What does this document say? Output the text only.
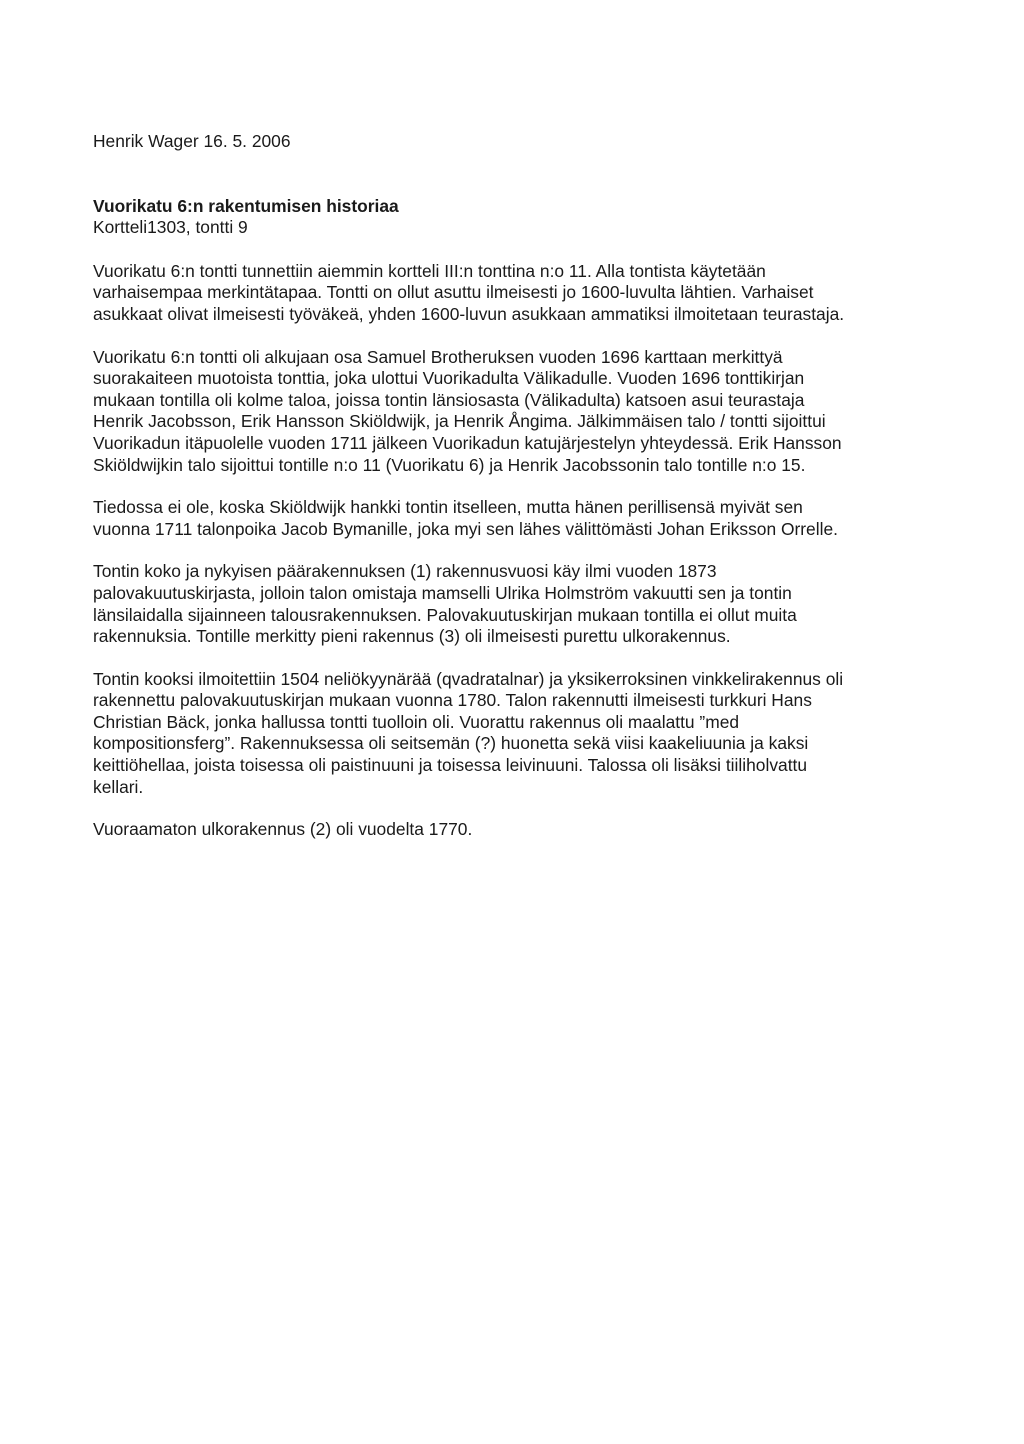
Henrik Wager 16. 5. 2006

Vuorikatu 6:n rakentumisen historiaa

Kortteli1303, tontti 9

Vuorikatu 6:n tontti tunnettiin aiemmin kortteli III:n tonttina n:o 11. Alla tontista käytetään
varhaisempaa merkintätapaa. Tontti on ollut asuttu ilmeisesti jo 1600-luvulta lähtien. Varhaiset
asukkaat olivat ilmeisesti työväkeä, yhden 1600-luvun asukkaan ammatiksi ilmoitetaan teurastaja.

Vuorikatu 6:n tontti oli alkujaan osa Samuel Brotheruksen vuoden 1696 karttaan merkittyä
suorakaiteen muotoista tonttia, joka ulottui Vuorikadulta Välikadulle. Vuoden 1696 tonttikirjan
mukaan tontilla oli kolme taloa, joissa tontin länsiosasta (Välikadulta) katsoen asui teurastaja
Henrik Jacobsson, Erik Hansson Skiöldwijk, ja Henrik Ångima. Jälkimmäisen talo / tontti sijoittui
Vuorikadun itäpuolelle vuoden 1711 jälkeen Vuorikadun katujärjestelyn yhteydessä. Erik Hansson
Skiöldwijkin talo sijoittui tontille n:o 11 (Vuorikatu 6) ja Henrik Jacobssonin talo tontille n:o 15.

Tiedossa ei ole, koska Skiöldwijk hankki tontin itselleen, mutta hänen perillisensä myivät sen
vuonna 1711 talonpoika Jacob Bymanille, joka myi sen lähes välittömästi Johan Eriksson Orrelle.

Tontin koko ja nykyisen päärakennuksen (1) rakennusvuosi käy ilmi vuoden 1873
palovakuutuskirjasta, jolloin talon omistaja mamselli Ulrika Holmström vakuutti sen ja tontin
länsilaidalla sijainneen talousrakennuksen. Palovakuutuskirjan mukaan tontilla ei ollut muita
rakennuksia. Tontille merkitty pieni rakennus (3) oli ilmeisesti purettu ulkorakennus.

Tontin kooksi ilmoitettiin 1504 neliökyynärää (qvadratalnar) ja yksikerroksinen vinkkelirakennus oli
rakennettu palovakuutuskirjan mukaan vuonna 1780. Talon rakennutti ilmeisesti turkkuri Hans
Christian Bäck, jonka hallussa tontti tuolloin oli. Vuorattu rakennus oli maalattu ”med
kompositionsferg”. Rakennuksessa oli seitsemän (?) huonetta sekä viisi kaakeliuunia ja kaksi
keittiöhellaa, joista toisessa oli paistinuuni ja toisessa leivinuuni. Talossa oli lisäksi tiiliholvattu
kellari.

Vuoraamaton ulkorakennus (2) oli vuodelta 1770.
